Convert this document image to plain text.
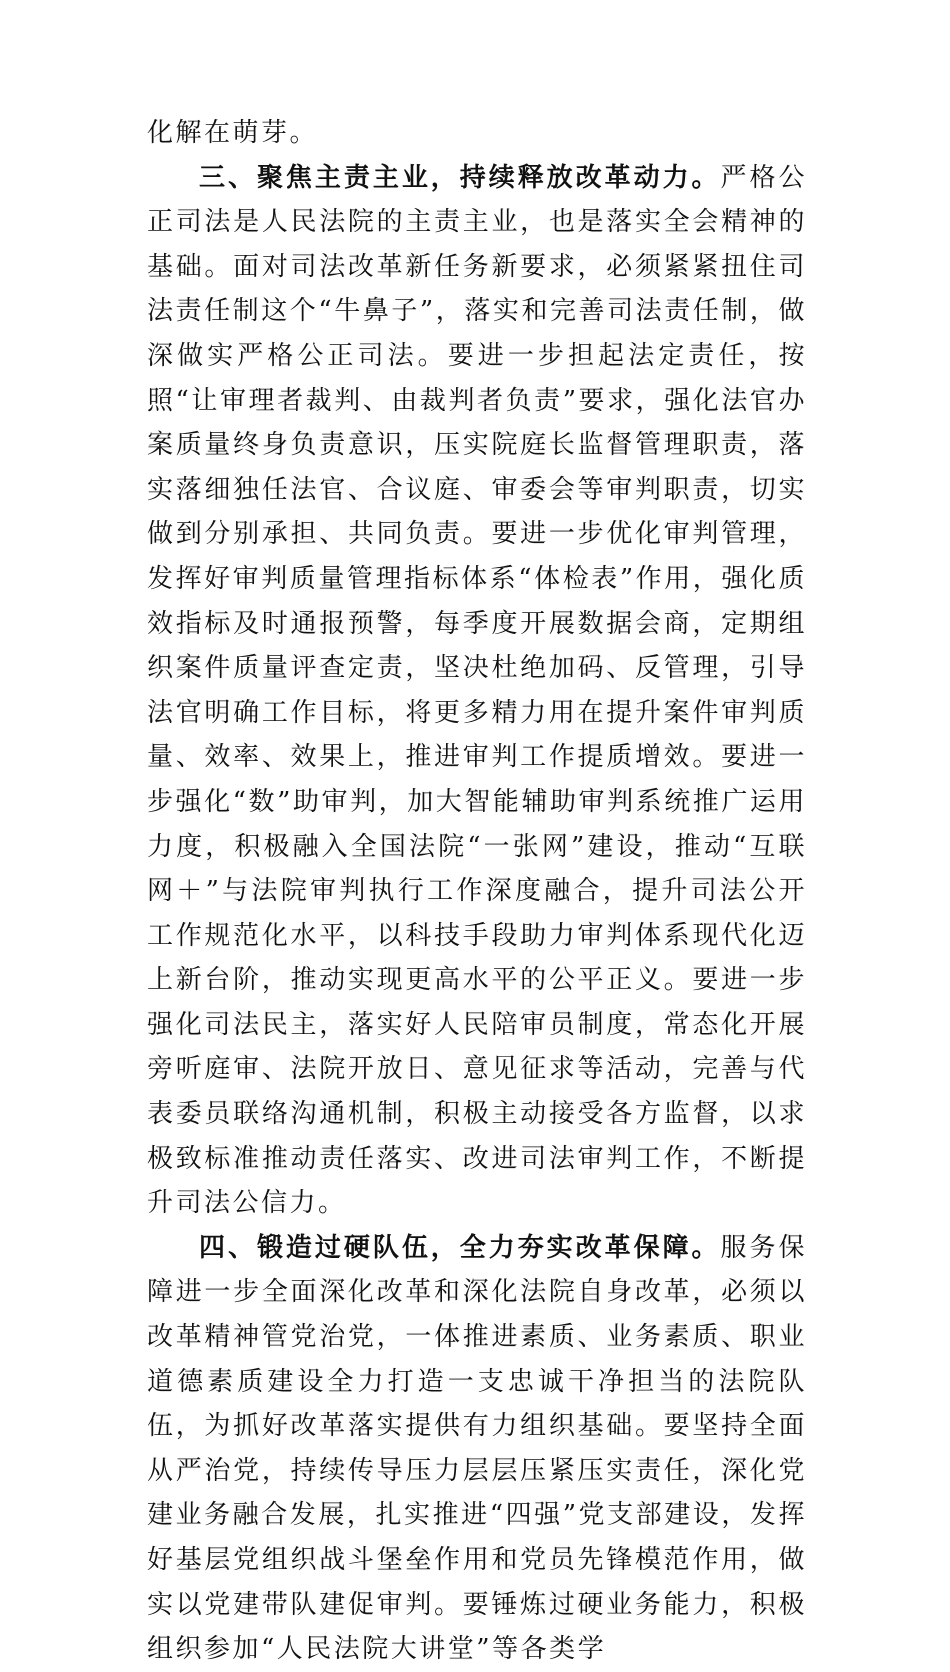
化解在萌芽。

三、聚焦主责主业，持续释放改革动力。严格公正司法是人民法院的主责主业，也是落实全会精神的基础。面对司法改革新任务新要求，必须紧紧扭住司法责任制这个“牛鼻子”，落实和完善司法责任制，做深做实严格公正司法。要进一步担起法定责任，按照“让审理者裁判、由裁判者负责”要求，强化法官办案质量终身负责意识，压实院庭长监督管理职责，落实落细独任法官、合议庭、审委会等审判职责，切实做到分别承担、共同负责。要进一步优化审判管理，发挥好审判质量管理指标体系“体检表”作用，强化质效指标及时通报预警，每季度开展数据会商，定期组织案件质量评查定责，坚决杜绝加码、反管理，引导法官明确工作目标，将更多精力用在提升案件审判质量、效率、效果上，推进审判工作提质增效。要进一步强化“数”助审判，加大智能辅助审判系统推广运用力度，积极融入全国法院“一张网”建设，推动“互联网＋”与法院审判执行工作深度融合，提升司法公开工作规范化水平，以科技手段助力审判体系现代化迈上新台阶，推动实现更高水平的公平正义。要进一步强化司法民主，落实好人民陪审员制度，常态化开展旁听庭审、法院开放日、意见征求等活动，完善与代表委员联络沟通机制，积极主动接受各方监督，以求极致标准推动责任落实、改进司法审判工作，不断提升司法公信力。

四、锻造过硬队伍，全力夯实改革保障。服务保障进一步全面深化改革和深化法院自身改革，必须以改革精神管党治党，一体推进素质、业务素质、职业道德素质建设全力打造一支忠诚干净担当的法院队伍，为抓好改革落实提供有力组织基础。要坚持全面从严治党，持续传导压力层层压紧压实责任，深化党建业务融合发展，扎实推进“四强”党支部建设，发挥好基层党组织战斗堡垒作用和党员先锋模范作用，做实以党建带队建促审判。要锤炼过硬业务能力，积极组织参加“人民法院大讲堂”等各类学
